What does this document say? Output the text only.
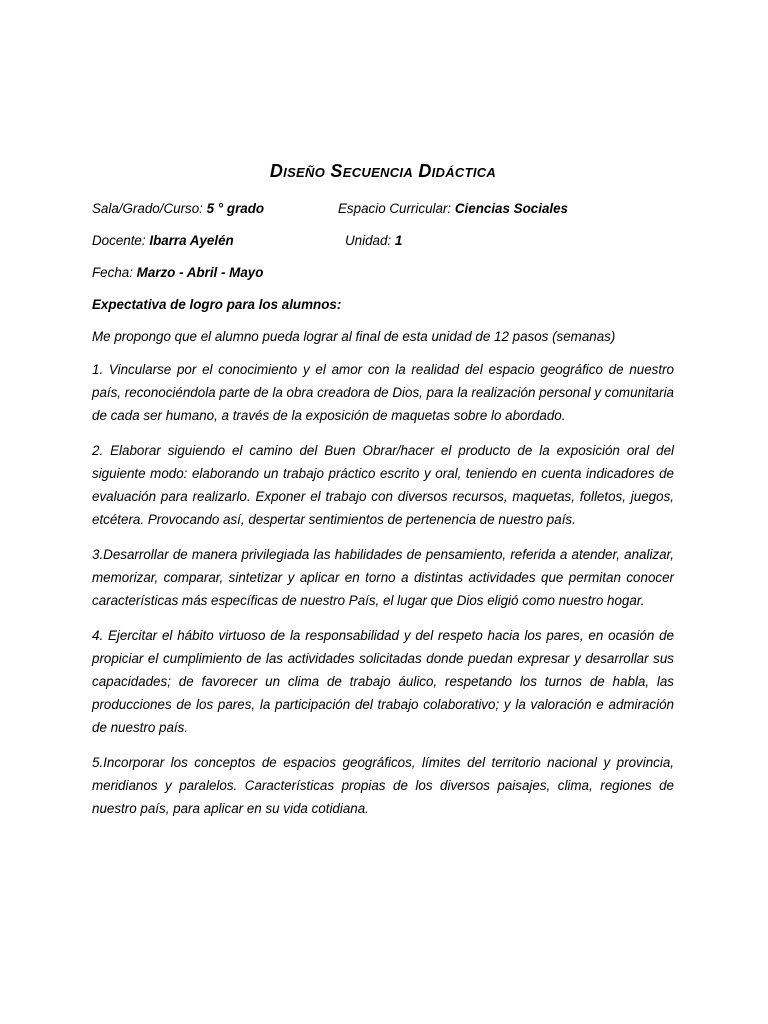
Diseño Secuencia Didáctica
Sala/Grado/Curso: 5 ° grado	Espacio Curricular: Ciencias Sociales
Docente: Ibarra Ayelén	Unidad: 1
Fecha: Marzo - Abril - Mayo
Expectativa de logro para los alumnos:
Me propongo que el alumno pueda lograr al final de esta unidad de 12 pasos (semanas)
1. Vincularse por el conocimiento y el amor con la realidad del espacio geográfico de nuestro país, reconociéndola parte de la obra creadora de Dios, para la realización personal y comunitaria de cada ser humano, a través de la exposición de maquetas sobre lo abordado.
2. Elaborar siguiendo el camino del Buen Obrar/hacer el producto de la exposición oral del siguiente modo: elaborando un trabajo práctico escrito y oral, teniendo en cuenta indicadores de evaluación para realizarlo. Exponer el trabajo con diversos recursos, maquetas, folletos, juegos, etcétera. Provocando así, despertar sentimientos de pertenencia de nuestro país.
3.Desarrollar de manera privilegiada las habilidades de pensamiento, referida a atender, analizar, memorizar, comparar, sintetizar y aplicar en torno a distintas actividades que permitan conocer características más específicas de nuestro País, el lugar que Dios eligió como nuestro hogar.
4. Ejercitar el hábito virtuoso de la responsabilidad y del respeto hacia los pares, en ocasión de propiciar el cumplimiento de las actividades solicitadas donde puedan expresar y desarrollar sus capacidades; de favorecer un clima de trabajo áulico, respetando los turnos de habla, las producciones de los pares, la participación del trabajo colaborativo; y la valoración e admiración de nuestro país.
5.Incorporar los conceptos de espacios geográficos, límites del territorio nacional y provincia, meridianos y paralelos. Características propias de los diversos paisajes, clima, regiones de nuestro país, para aplicar en su vida cotidiana.
